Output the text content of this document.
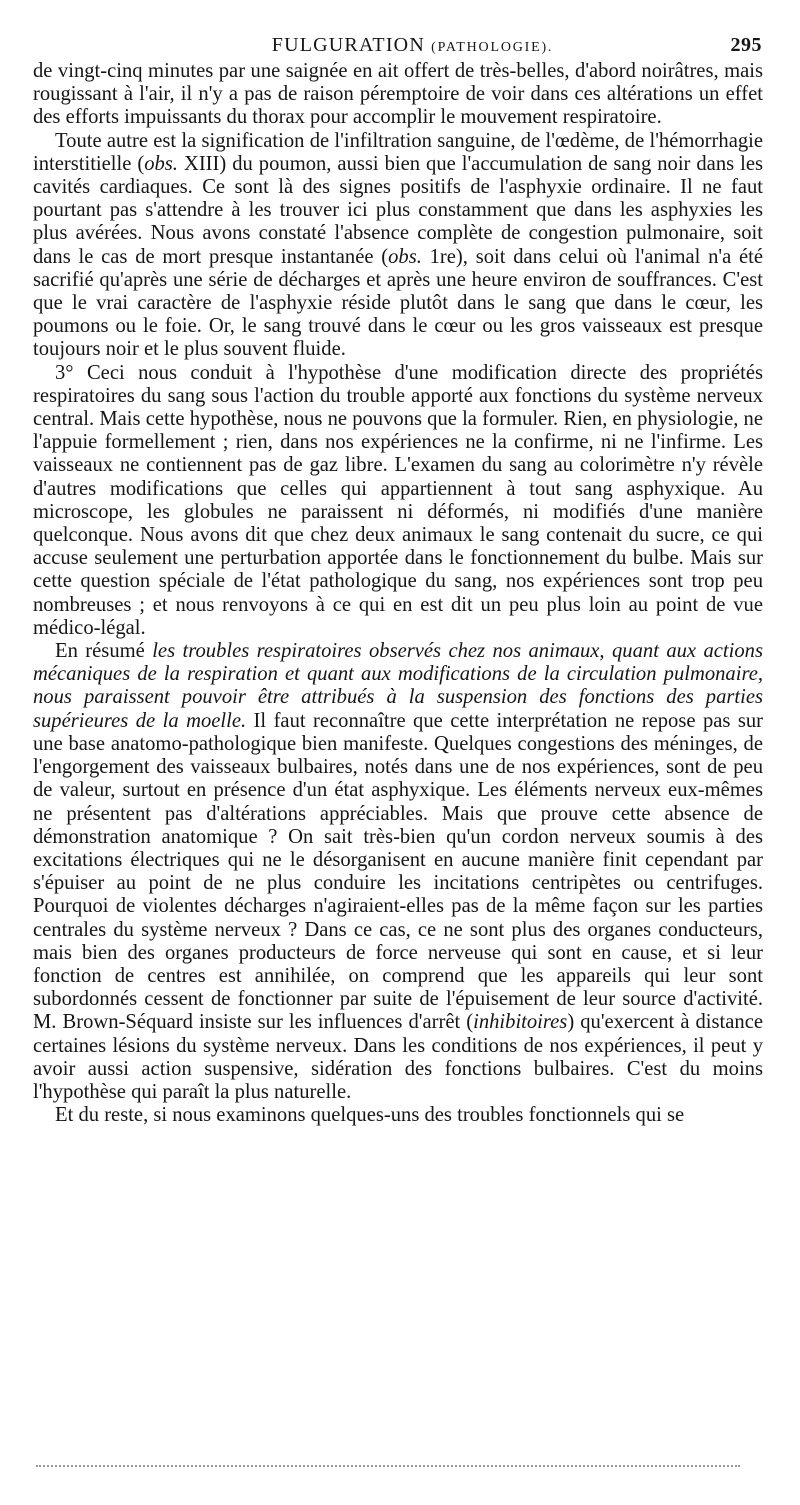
FULGURATION (PATHOLOGIE).	295

de vingt-cinq minutes par une saignée en ait offert de très-belles, d'abord noirâtres, mais rougissant à l'air, il n'y a pas de raison péremptoire de voir dans ces altérations un effet des efforts impuissants du thorax pour accomplir le mouvement respiratoire.

Toute autre est la signification de l'infiltration sanguine, de l'œdème, de l'hémorrhagie interstitielle (obs. XIII) du poumon, aussi bien que l'accumulation de sang noir dans les cavités cardiaques. Ce sont là des signes positifs de l'asphyxie ordinaire. Il ne faut pourtant pas s'attendre à les trouver ici plus constamment que dans les asphyxies les plus avérées. Nous avons constaté l'absence complète de congestion pulmonaire, soit dans le cas de mort presque instantanée (obs. 1re), soit dans celui où l'animal n'a été sacrifié qu'après une série de décharges et après une heure environ de souffrances. C'est que le vrai caractère de l'asphyxie réside plutôt dans le sang que dans le cœur, les poumons ou le foie. Or, le sang trouvé dans le cœur ou les gros vaisseaux est presque toujours noir et le plus souvent fluide.

3° Ceci nous conduit à l'hypothèse d'une modification directe des propriétés respiratoires du sang sous l'action du trouble apporté aux fonctions du système nerveux central. Mais cette hypothèse, nous ne pouvons que la formuler. Rien, en physiologie, ne l'appuie formellement ; rien, dans nos expériences ne la confirme, ni ne l'infirme. Les vaisseaux ne contiennent pas de gaz libre. L'examen du sang au colorimètre n'y révèle d'autres modifications que celles qui appartiennent à tout sang asphyxique. Au microscope, les globules ne paraissent ni déformés, ni modifiés d'une manière quelconque. Nous avons dit que chez deux animaux le sang contenait du sucre, ce qui accuse seulement une perturbation apportée dans le fonctionnement du bulbe. Mais sur cette question spéciale de l'état pathologique du sang, nos expériences sont trop peu nombreuses ; et nous renvoyons à ce qui en est dit un peu plus loin au point de vue médico-légal.

En résumé les troubles respiratoires observés chez nos animaux, quant aux actions mécaniques de la respiration et quant aux modifications de la circulation pulmonaire, nous paraissent pouvoir être attribués à la suspension des fonctions des parties supérieures de la moelle. Il faut reconnaître que cette interprétation ne repose pas sur une base anatomo-pathologique bien manifeste. Quelques congestions des méninges, de l'engorgement des vaisseaux bulbaires, notés dans une de nos expériences, sont de peu de valeur, surtout en présence d'un état asphyxique. Les éléments nerveux eux-mêmes ne présentent pas d'altérations appréciables. Mais que prouve cette absence de démonstration anatomique ? On sait très-bien qu'un cordon nerveux soumis à des excitations électriques qui ne le désorganisent en aucune manière finit cependant par s'épuiser au point de ne plus conduire les incitations centripètes ou centrifuges. Pourquoi de violentes décharges n'agiraient-elles pas de la même façon sur les parties centrales du système nerveux ? Dans ce cas, ce ne sont plus des organes conducteurs, mais bien des organes producteurs de force nerveuse qui sont en cause, et si leur fonction de centres est annihilée, on comprend que les appareils qui leur sont subordonnés cessent de fonctionner par suite de l'épuisement de leur source d'activité. M. Brown-Séquard insiste sur les influences d'arrêt (inhibitoires) qu'exercent à distance certaines lésions du système nerveux. Dans les conditions de nos expériences, il peut y avoir aussi action suspensive, sidération des fonctions bulbaires. C'est du moins l'hypothèse qui paraît la plus naturelle.

Et du reste, si nous examinons quelques-uns des troubles fonctionnels qui se
